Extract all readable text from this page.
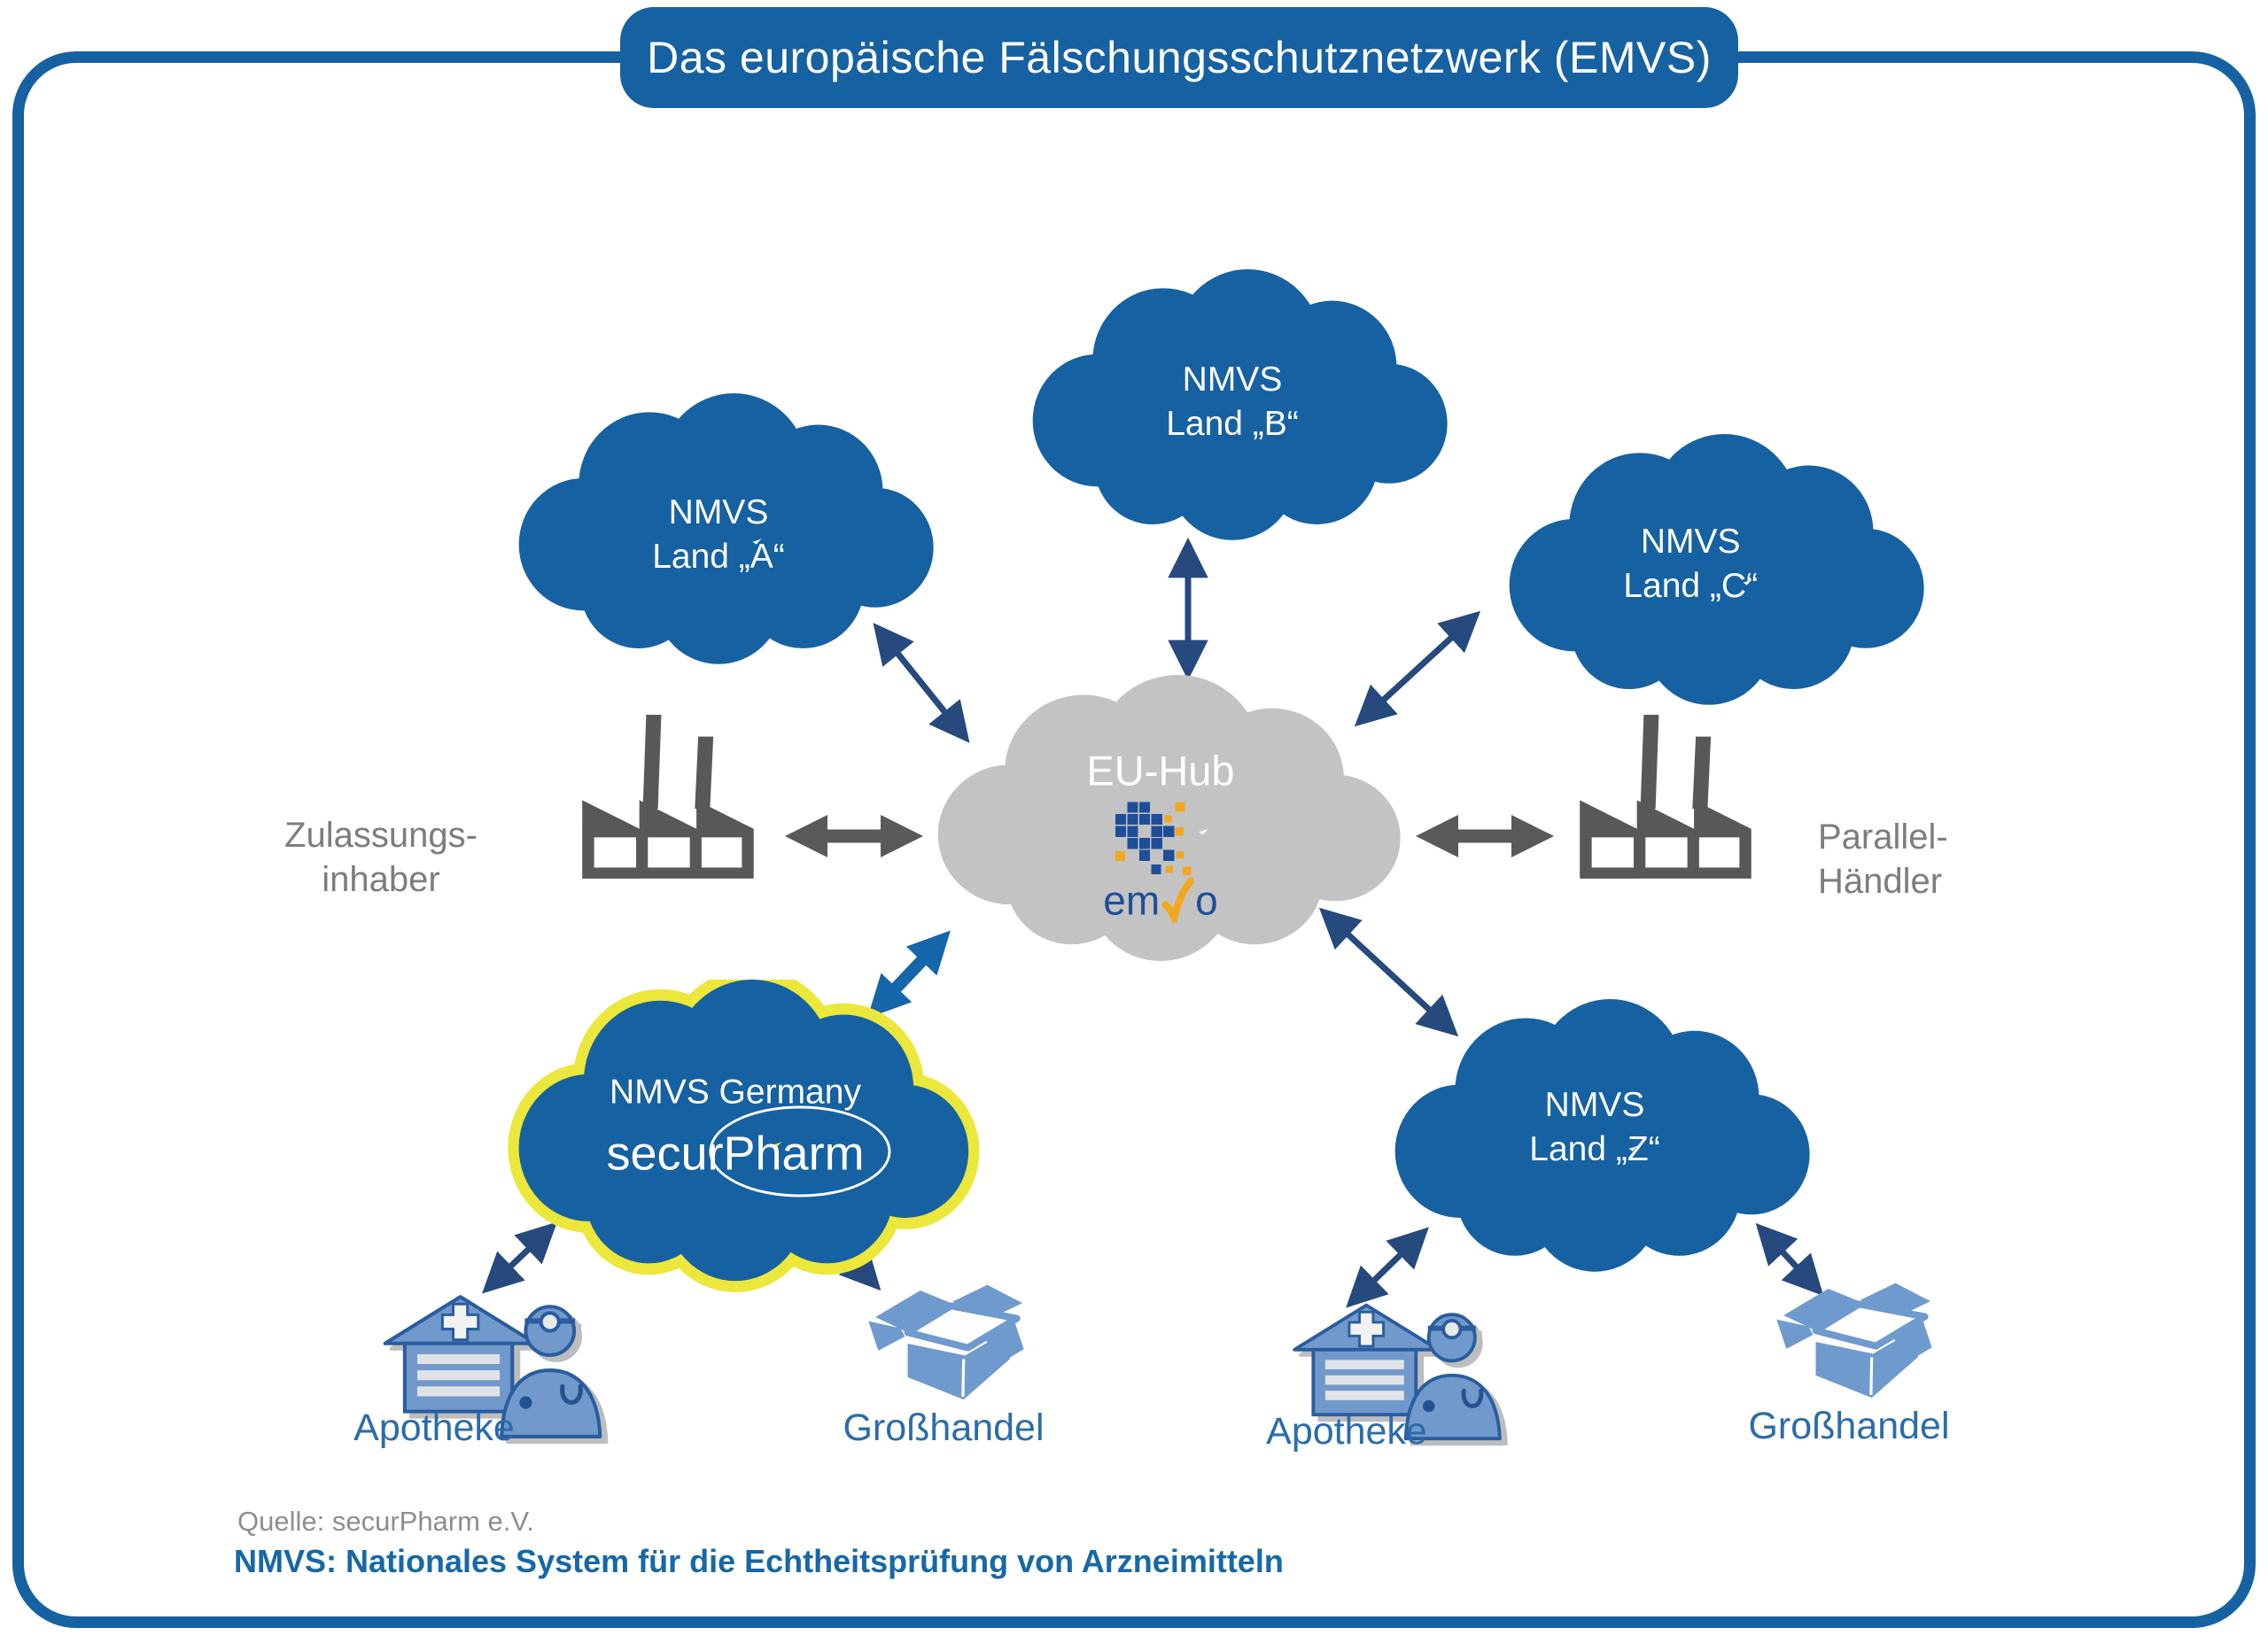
Das europäische Fälschungsschutznetzwerk (EMVS)
NMVS
Land „A“
NMVS
Land „B“
NMVS
Land „C“
NMVS
Land „Z“
EU-Hub
em o
NMVS Germany
secur Pharm
Zulassungs-
inhaber
Parallel-
Händler
Apotheke	Großhandel	Apotheke	Großhandel
Quelle: securPharm e.V.
NMVS: Nationales System für die Echtheitsprüfung von Arzneimitteln
